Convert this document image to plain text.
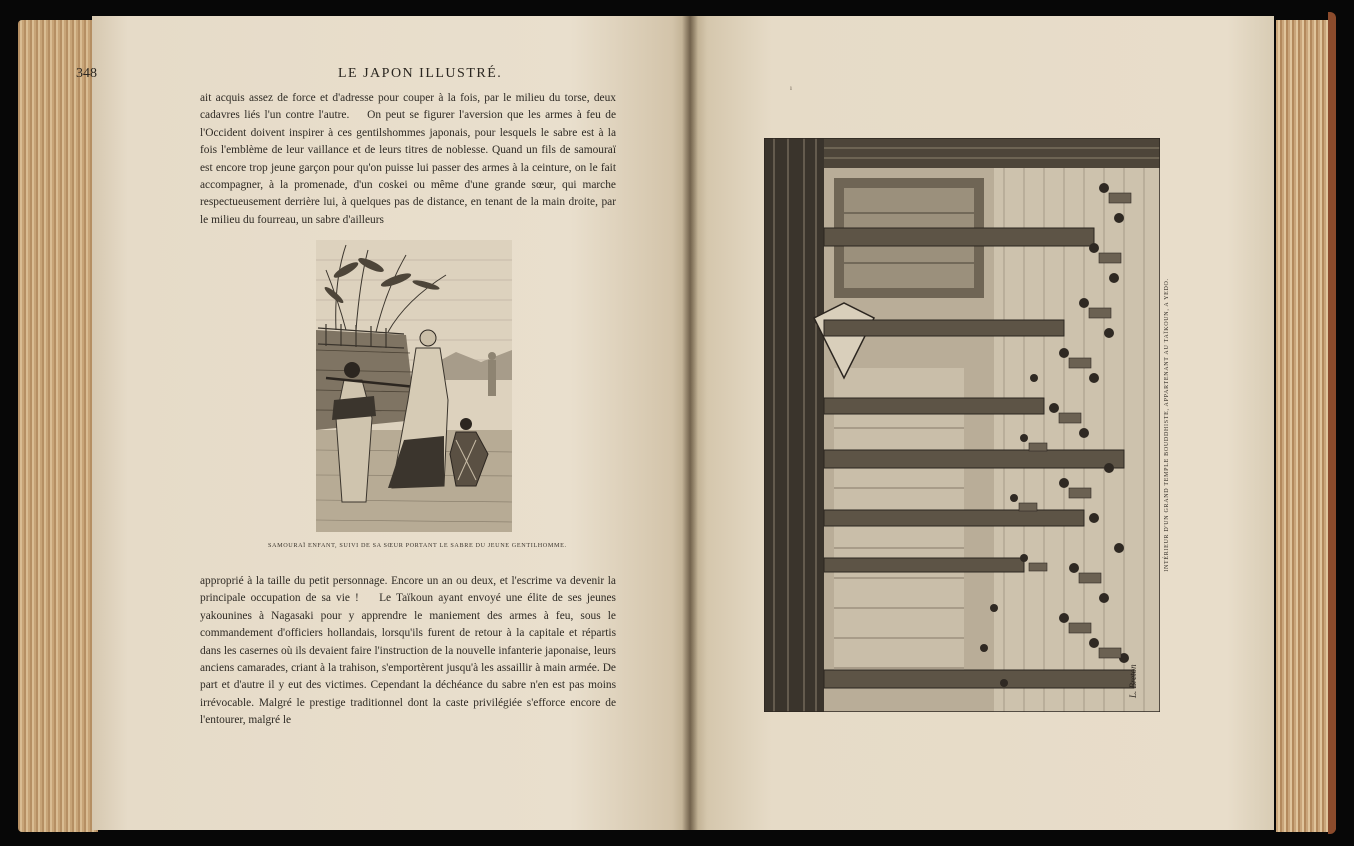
348	LE JAPON ILLUSTRÉ.

ait acquis assez de force et d'adresse pour couper à la fois, par le milieu du torse, deux cadavres liés l'un contre l'autre.    On peut se figurer l'aversion que les armes à feu de l'Occident doivent inspirer à ces gentilshommes japonais, pour lesquels le sabre est à la fois l'emblème de leur vaillance et de leurs titres de noblesse. Quand un fils de samouraï est encore trop jeune garçon pour qu'on puisse lui passer des armes à la ceinture, on le fait accompagner, à la promenade, d'un coskei ou même d'une grande sœur, qui marche respectueusement derrière lui, à quelques pas de distance, en tenant de la main droite, par le milieu du fourreau, un sabre d'ailleurs

SAMOURAÏ ENFANT, SUIVI DE SA SŒUR PORTANT LE SABRE DU JEUNE GENTILHOMME.

approprié à la taille du petit personnage. Encore un an ou deux, et l'escrime va devenir la principale occupation de sa vie !    Le Taïkoun ayant envoyé une élite de ses jeunes yakounines à Nagasaki pour y apprendre le maniement des armes à feu, sous le commandement d'officiers hollandais, lorsqu'ils furent de retour à la capitale et répartis dans les casernes où ils devaient faire l'instruction de la nouvelle infanterie japonaise, leurs anciens camarades, criant à la trahison, s'emportèrent jusqu'à les assaillir à main armée. De part et d'autre il y eut des victimes. Cependant la déchéance du sabre n'en est pas moins irrévocable. Malgré le prestige traditionnel dont la caste privilégiée s'efforce encore de l'entourer, malgré le

ı
L. Breton
INTÉRIEUR D'UN GRAND TEMPLE BOUDDHISTE, APPARTENANT AU TAÏKOUN, A YEDO.
